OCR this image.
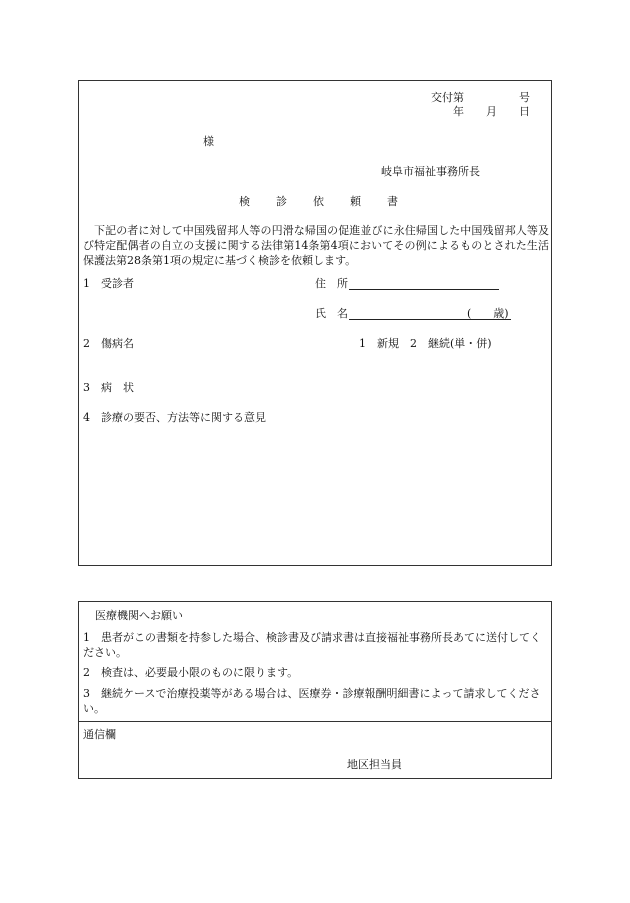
交付第　　　　　号
年　　月　　日
様
岐阜市福祉事務所長
検診依頼書
下記の者に対して中国残留邦人等の円滑な帰国の促進並びに永住帰国した中国残留邦人等及び特定配偶者の自立の支援に関する法律第14条第4項においてその例によるものとされた生活保護法第28条第1項の規定に基づく検診を依頼します。
1　受診者	住　所
氏　名	(　　歳)
2　傷病名	1　新規　2　継続(単・併)
3　病　状
4　診療の要否、方法等に関する意見
医療機関へお願い
1　患者がこの書類を持参した場合、検診書及び請求書は直接福祉事務所長あてに送付してください。
2　検査は、必要最小限のものに限ります。
3　継続ケースで治療投薬等がある場合は、医療券・診療報酬明細書によって請求してください。
通信欄
地区担当員
